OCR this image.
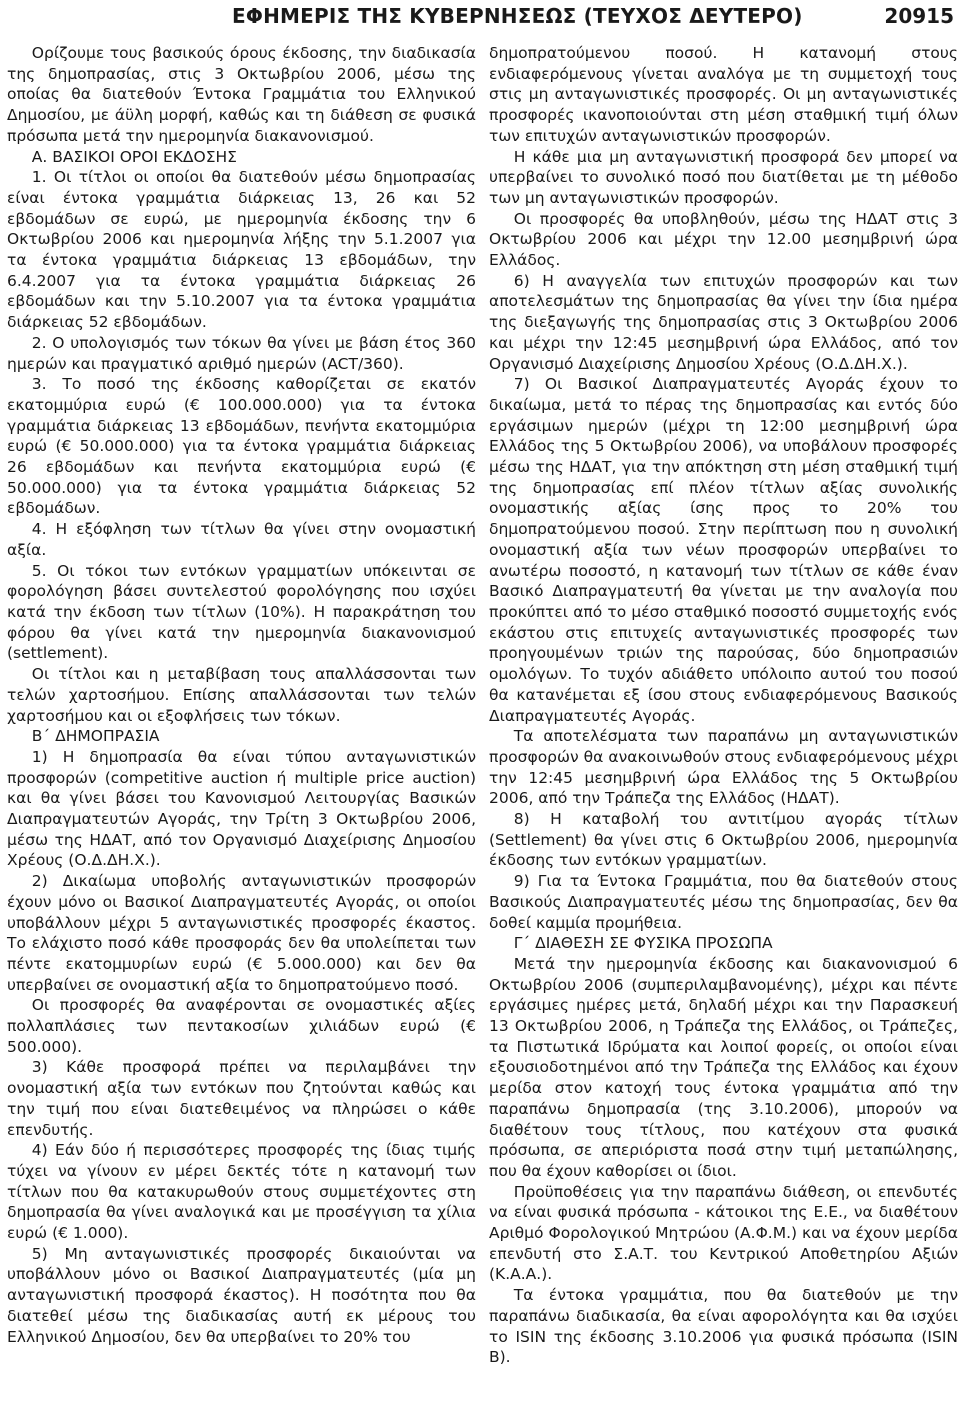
ΕΦΗΜΕΡΙΣ ΤΗΣ ΚΥΒΕΡΝΗΣΕΩΣ (ΤΕΥΧΟΣ ΔΕΥΤΕΡΟ)	20915

Ορίζουμε τους βασικούς όρους έκδοσης, την διαδικασία της δημοπρασίας, στις 3 Οκτωβρίου 2006, μέσω της οποίας θα διατεθούν Έντοκα Γραμμάτια του Ελληνικού Δημοσίου, με άϋλη μορφή, καθώς και τη διάθεση σε φυσικά πρόσωπα μετά την ημερομηνία διακανονισμού.

Α. ΒΑΣΙΚΟΙ ΟΡΟΙ ΕΚΔΟΣΗΣ

1. Οι τίτλοι οι οποίοι θα διατεθούν μέσω δημοπρασίας είναι έντοκα γραμμάτια διάρκειας 13, 26 και 52 εβδομάδων σε ευρώ, με ημερομηνία έκδοσης την 6 Οκτωβρίου 2006 και ημερομηνία λήξης την 5.1.2007 για τα έντοκα γραμμάτια διάρκειας 13 εβδομάδων, την 6.4.2007 για τα έντοκα γραμμάτια διάρκειας 26 εβδομάδων και την 5.10.2007 για τα έντοκα γραμμάτια διάρκειας 52 εβδομάδων.

2. Ο υπολογισμός των τόκων θα γίνει με βάση έτος 360 ημερών και πραγματικό αριθμό ημερών (ACT/360).

3. Το ποσό της έκδοσης καθορίζεται σε εκατόν εκατομμύρια ευρώ (€ 100.000.000) για τα έντοκα γραμμάτια διάρκειας 13 εβδομάδων, πενήντα εκατομμύρια ευρώ (€ 50.000.000) για τα έντοκα γραμμάτια διάρκειας 26 εβδομάδων και πενήντα εκατομμύρια ευρώ (€ 50.000.000) για τα έντοκα γραμμάτια διάρκειας 52 εβδομάδων.

4. Η εξόφληση των τίτλων θα γίνει στην ονομαστική αξία.

5. Οι τόκοι των εντόκων γραμματίων υπόκεινται σε φορολόγηση βάσει συντελεστού φορολόγησης που ισχύει κατά την έκδοση των τίτλων (10%). Η παρακράτηση του φόρου θα γίνει κατά την ημερομηνία διακανονισμού (settlement).

Οι τίτλοι και η μεταβίβαση τους απαλλάσσονται των τελών χαρτοσήμου. Επίσης απαλλάσσονται των τελών χαρτοσήμου και οι εξοφλήσεις των τόκων.

Β΄ ΔΗΜΟΠΡΑΣΙΑ

1) Η δημοπρασία θα είναι τύπου ανταγωνιστικών προσφορών (competitive auction ή multiple price auction) και θα γίνει βάσει του Κανονισμού Λειτουργίας Βασικών Διαπραγματευτών Αγοράς, την Τρίτη 3 Οκτωβρίου 2006, μέσω της ΗΔΑΤ, από τον Οργανισμό Διαχείρισης Δημοσίου Χρέους (Ο.Δ.ΔΗ.Χ.).

2) Δικαίωμα υποβολής ανταγωνιστικών προσφορών έχουν μόνο οι Βασικοί Διαπραγματευτές Αγοράς, οι οποίοι υποβάλλουν μέχρι 5 ανταγωνιστικές προσφορές έκαστος. Το ελάχιστο ποσό κάθε προσφοράς δεν θα υπολείπεται των πέντε εκατομμυρίων ευρώ (€ 5.000.000) και δεν θα υπερβαίνει σε ονομαστική αξία το δημοπρατούμενο ποσό.

Οι προσφορές θα αναφέρονται σε ονομαστικές αξίες πολλαπλάσιες των πεντακοσίων χιλιάδων ευρώ (€ 500.000).

3) Κάθε προσφορά πρέπει να περιλαμβάνει την ονομαστική αξία των εντόκων που ζητούνται καθώς και την τιμή που είναι διατεθειμένος να πληρώσει ο κάθε επενδυτής.

4) Εάν δύο ή περισσότερες προσφορές της ίδιας τιμής τύχει να γίνουν εν μέρει δεκτές τότε η κατανομή των τίτλων που θα κατακυρωθούν στους συμμετέχοντες στη δημοπρασία θα γίνει αναλογικά και με προσέγγιση τα χίλια ευρώ (€ 1.000).

5) Μη ανταγωνιστικές προσφορές δικαιούνται να υποβάλλουν μόνο οι Βασικοί Διαπραγματευτές (μία μη ανταγωνιστική προσφορά έκαστος). Η ποσότητα που θα διατεθεί μέσω της διαδικασίας αυτή εκ μέρους του Ελληνικού Δημοσίου, δεν θα υπερβαίνει το 20% του

δημοπρατούμενου ποσού. Η κατανομή στους ενδιαφερόμενους γίνεται αναλόγα με τη συμμετοχή τους στις μη ανταγωνιστικές προσφορές. Οι μη ανταγωνιστικές προσφορές ικανοποιούνται στη μέση σταθμική τιμή όλων των επιτυχών ανταγωνιστικών προσφορών.

Η κάθε μια μη ανταγωνιστική προσφορά δεν μπορεί να υπερβαίνει το συνολικό ποσό που διατίθεται με τη μέθοδο των μη ανταγωνιστικών προσφορών.

Οι προσφορές θα υποβληθούν, μέσω της ΗΔΑΤ στις 3 Οκτωβρίου 2006 και μέχρι την 12.00 μεσημβρινή ώρα Ελλάδος.

6) Η αναγγελία των επιτυχών προσφορών και των αποτελεσμάτων της δημοπρασίας θα γίνει την ίδια ημέρα της διεξαγωγής της δημοπρασίας στις 3 Οκτωβρίου 2006 και μέχρι την 12:45 μεσημβρινή ώρα Ελλάδος, από τον Οργανισμό Διαχείρισης Δημοσίου Χρέους (Ο.Δ.ΔΗ.Χ.).

7) Οι Βασικοί Διαπραγματευτές Αγοράς έχουν το δικαίωμα, μετά το πέρας της δημοπρασίας και εντός δύο εργάσιμων ημερών (μέχρι τη 12:00 μεσημβρινή ώρα Ελλάδος της 5 Οκτωβρίου 2006), να υποβάλουν προσφορές μέσω της ΗΔΑΤ, για την απόκτηση στη μέση σταθμική τιμή της δημοπρασίας επί πλέον τίτλων αξίας συνολικής ονομαστικής αξίας ίσης προς το 20% του δημοπρατούμενου ποσού. Στην περίπτωση που η συνολική ονομαστική αξία των νέων προσφορών υπερβαίνει το ανωτέρω ποσοστό, η κατανομή των τίτλων σε κάθε έναν Βασικό Διαπραγματευτή θα γίνεται με την αναλογία που προκύπτει από το μέσο σταθμικό ποσοστό συμμετοχής ενός εκάστου στις επιτυχείς ανταγωνιστικές προσφορές των προηγουμένων τριών της παρούσας, δύο δημοπρασιών ομολόγων. Το τυχόν αδιάθετο υπόλοιπο αυτού του ποσού θα κατανέμεται εξ ίσου στους ενδιαφερόμενους Βασικούς Διαπραγματευτές Αγοράς.

Τα αποτελέσματα των παραπάνω μη ανταγωνιστικών προσφορών θα ανακοινωθούν στους ενδιαφερόμενους μέχρι την 12:45 μεσημβρινή ώρα Ελλάδος της 5 Οκτωβρίου 2006, από την Τράπεζα της Ελλάδος (ΗΔΑΤ).

8) Η καταβολή του αντιτίμου αγοράς τίτλων (Settlement) θα γίνει στις 6 Οκτωβρίου 2006, ημερομηνία έκδοσης των εντόκων γραμματίων.

9) Για τα Έντοκα Γραμμάτια, που θα διατεθούν στους Βασικούς Διαπραγματευτές μέσω της δημοπρασίας, δεν θα δοθεί καμμία προμήθεια.

Γ΄ ΔΙΑΘΕΣΗ ΣΕ ΦΥΣΙΚΑ ΠΡΟΣΩΠΑ

Μετά την ημερομηνία έκδοσης και διακανονισμού 6 Οκτωβρίου 2006 (συμπεριλαμβανομένης), μέχρι και πέντε εργάσιμες ημέρες μετά, δηλαδή μέχρι και την Παρασκευή 13 Οκτωβρίου 2006, η Τράπεζα της Ελλάδος, οι Τράπεζες, τα Πιστωτικά Ιδρύματα και λοιποί φορείς, οι οποίοι είναι εξουσιοδοτημένοι από την Τράπεζα της Ελλάδος και έχουν μερίδα στον κατοχή τους έντοκα γραμμάτια από την παραπάνω δημοπρασία (της 3.10.2006), μπορούν να διαθέτουν τους τίτλους, που κατέχουν στα φυσικά πρόσωπα, σε απεριόριστα ποσά στην τιμή μεταπώλησης, που θα έχουν καθορίσει οι ίδιοι.

Προϋποθέσεις για την παραπάνω διάθεση, οι επενδυτές να είναι φυσικά πρόσωπα - κάτοικοι της Ε.Ε., να διαθέτουν Αριθμό Φορολογικού Μητρώου (Α.Φ.Μ.) και να έχουν μερίδα επενδυτή στο Σ.Α.Τ. του Κεντρικού Αποθετηρίου Αξιών (Κ.Α.Α.).

Τα έντοκα γραμμάτια, που θα διατεθούν με την παραπάνω διαδικασία, θα είναι αφορολόγητα και θα ισχύει το ISIN της έκδοσης 3.10.2006 για φυσικά πρόσωπα (ISIN B).
